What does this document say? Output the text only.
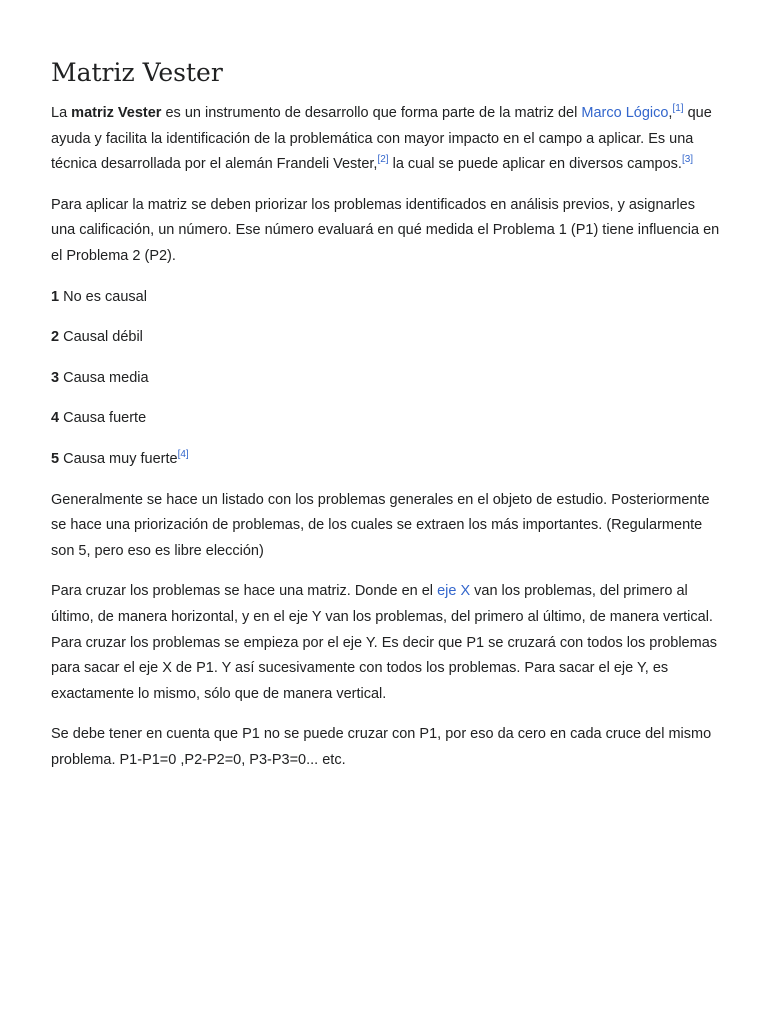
Matriz Vester

La matriz Vester es un instrumento de desarrollo que forma parte de la matriz del Marco Lógico,[1] que ayuda y facilita la identificación de la problemática con mayor impacto en el campo a aplicar. Es una técnica desarrollada por el alemán Frandeli Vester,[2] la cual se puede aplicar en diversos campos.[3]

Para aplicar la matriz se deben priorizar los problemas identificados en análisis previos, y asignarles una calificación, un número. Ese número evaluará en qué medida el Problema 1 (P1) tiene influencia en el Problema 2 (P2).

1 No es causal

2 Causal débil

3 Causa media

4 Causa fuerte

5 Causa muy fuerte[4]

Generalmente se hace un listado con los problemas generales en el objeto de estudio. Posteriormente se hace una priorización de problemas, de los cuales se extraen los más importantes. (Regularmente son 5, pero eso es libre elección)

Para cruzar los problemas se hace una matriz. Donde en el eje X van los problemas, del primero al último, de manera horizontal, y en el eje Y van los problemas, del primero al último, de manera vertical. Para cruzar los problemas se empieza por el eje Y. Es decir que P1 se cruzará con todos los problemas para sacar el eje X de P1. Y así sucesivamente con todos los problemas. Para sacar el eje Y, es exactamente lo mismo, sólo que de manera vertical.

Se debe tener en cuenta que P1 no se puede cruzar con P1, por eso da cero en cada cruce del mismo problema. P1-P1=0 ,P2-P2=0, P3-P3=0... etc.
